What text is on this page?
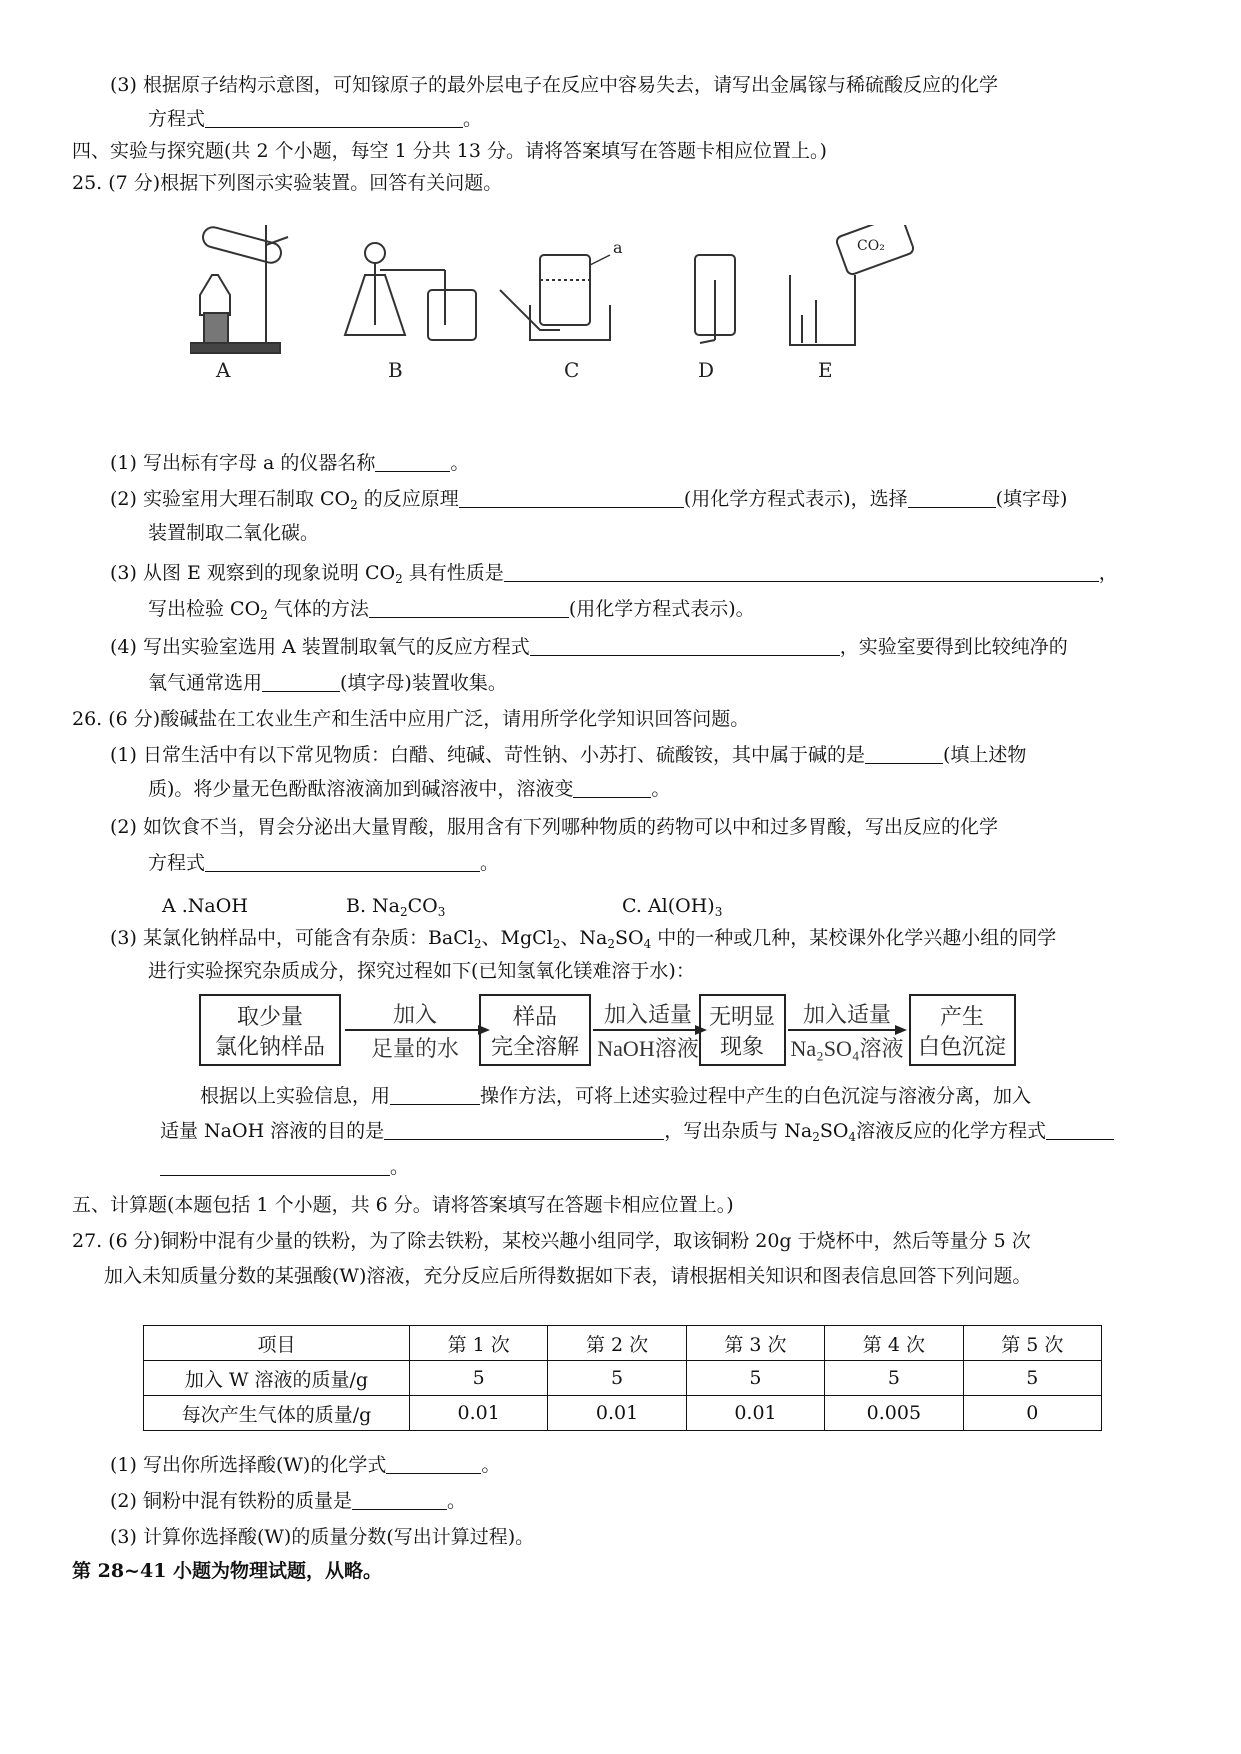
(3) 根据原子结构示意图，可知镓原子的最外层电子在反应中容易失去，请写出金属镓与稀硫酸反应的化学
方程式	。
四、实验与探究题(共 2 个小题，每空 1 分共 13 分。请将答案填写在答题卡相应位置上。)
25. (7 分)根据下列图示实验装置。回答有关问题。
A	B	C	D	E
a	CO₂
(1) 写出标有字母 a 的仪器名称	。
(2) 实验室用大理石制取 $CO_2$ 的反应原理	(用化学方程式表示)，选择	(填字母)
装置制取二氧化碳。
(3) 从图 E 观察到的现象说明 $CO_2$ 具有性质是	，
写出检验 $CO_2$ 气体的方法	(用化学方程式表示)。
(4) 写出实验室选用 A 装置制取氧气的反应方程式	，实验室要得到比较纯净的
氧气通常选用	(填字母)装置收集。
26. (6 分)酸碱盐在工农业生产和生活中应用广泛，请用所学化学知识回答问题。
(1) 日常生活中有以下常见物质：白醋、纯碱、苛性钠、小苏打、硫酸铵，其中属于碱的是	(填上述物
质)。将少量无色酚酞溶液滴加到碱溶液中，溶液变	。
(2) 如饮食不当，胃会分泌出大量胃酸，服用含有下列哪种物质的药物可以中和过多胃酸，写出反应的化学
方程式	。
A .NaOH	B. $Na_2CO_3$	C. $Al(OH)_3$
(3) 某氯化钠样品中，可能含有杂质：BaCl$_2$、MgCl$_2$、$Na_2SO_4$ 中的一种或几种，某校课外化学兴趣小组的同学
进行实验探究杂质成分，探究过程如下(已知氢氧化镁难溶于水)：
取少量
氯化钠样品
加入
足量的水
样品
完全溶解
加入适量
NaOH溶液
无明显
现象
加入适量
Na₂SO₄溶液
产生
白色沉淀
根据以上实验信息，用	操作方法，可将上述实验过程中产生的白色沉淀与溶液分离，加入
适量 NaOH 溶液的目的是	，写出杂质与 $Na_2SO_4$溶液反应的化学方程式
。
五、计算题(本题包括 1 个小题，共 6 分。请将答案填写在答题卡相应位置上。)
27. (6 分)铜粉中混有少量的铁粉，为了除去铁粉，某校兴趣小组同学，取该铜粉 20g 于烧杯中，然后等量分 5 次
加入未知质量分数的某强酸(W)溶液，充分反应后所得数据如下表，请根据相关知识和图表信息回答下列问题。
项目	第 1 次	第 2 次	第 3 次	第 4 次	第 5 次
加入 W 溶液的质量/g	5	5	5	5	5
每次产生气体的质量/g	0.01	0.01	0.01	0.005	0
(1) 写出你所选择酸(W)的化学式	。
(2) 铜粉中混有铁粉的质量是	。
(3) 计算你选择酸(W)的质量分数(写出计算过程)。
第 28~41 小题为物理试题，从略。
